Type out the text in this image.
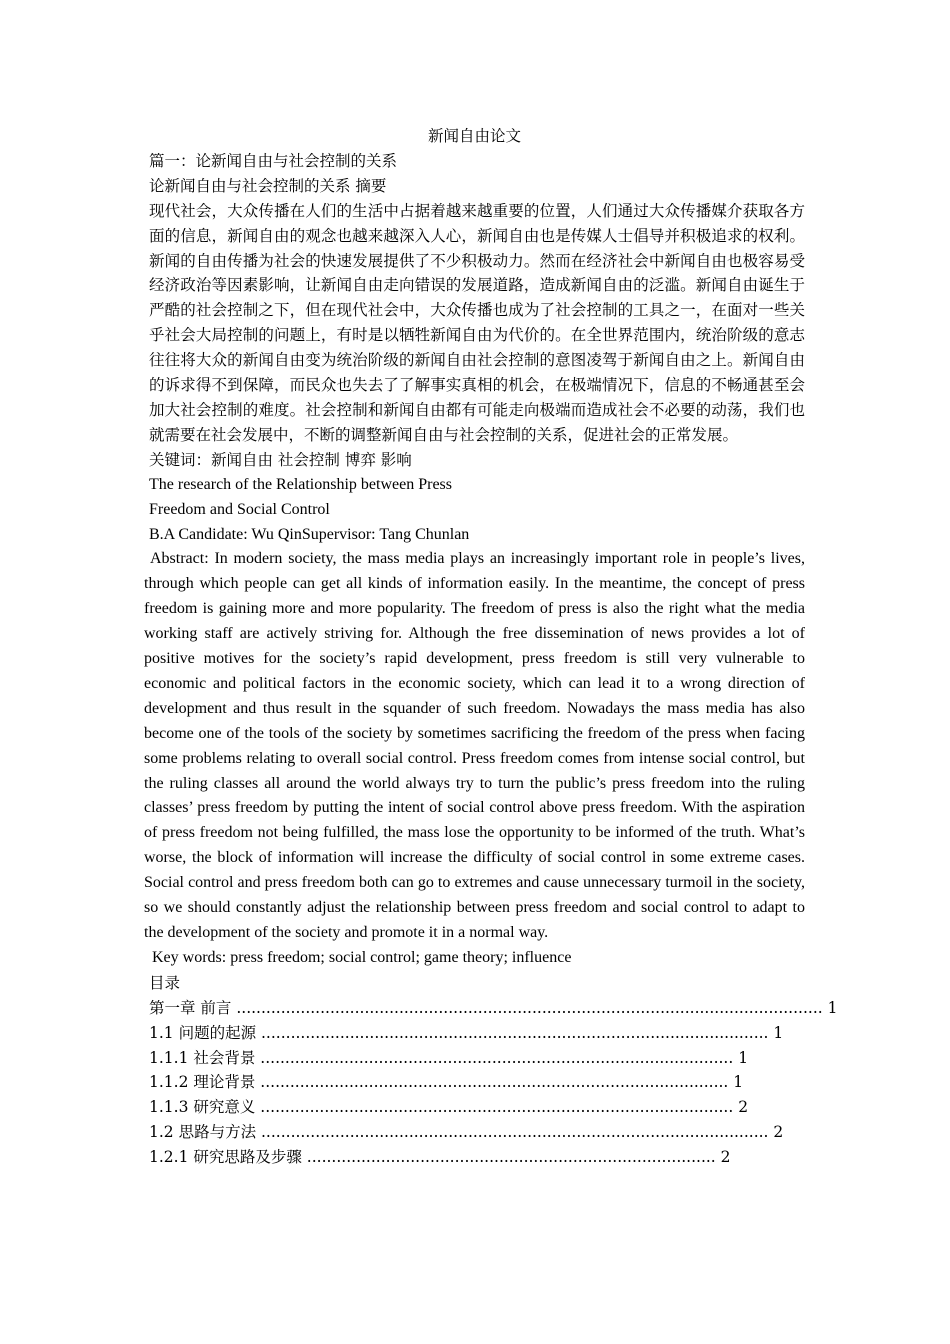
新闻自由论文

篇一：论新闻自由与社会控制的关系

论新闻自由与社会控制的关系 摘要

现代社会，大众传播在人们的生活中占据着越来越重要的位置，人们通过大众传播媒介获取各方面的信息，新闻自由的观念也越来越深入人心，新闻自由也是传媒人士倡导并积极追求的权利。新闻的自由传播为社会的快速发展提供了不少积极动力。然而在经济社会中新闻自由也极容易受经济政治等因素影响，让新闻自由走向错误的发展道路，造成新闻自由的泛滥。新闻自由诞生于严酷的社会控制之下，但在现代社会中，大众传播也成为了社会控制的工具之一，在面对一些关乎社会大局控制的问题上，有时是以牺牲新闻自由为代价的。在全世界范围内，统治阶级的意志往往将大众的新闻自由变为统治阶级的新闻自由社会控制的意图凌驾于新闻自由之上。新闻自由的诉求得不到保障，而民众也失去了了解事实真相的机会，在极端情况下，信息的不畅通甚至会加大社会控制的难度。社会控制和新闻自由都有可能走向极端而造成社会不必要的动荡，我们也就需要在社会发展中，不断的调整新闻自由与社会控制的关系，促进社会的正常发展。

关键词：新闻自由 社会控制 博弈 影响

The research of the Relationship between Press

Freedom and Social Control

B.A Candidate: Wu QinSupervisor: Tang Chunlan

Abstract: In modern society, the mass media plays an increasingly important role in people’s lives, through which people can get all kinds of information easily. In the meantime, the concept of press freedom is gaining more and more popularity. The freedom of press is also the right what the media working staff are actively striving for. Although the free dissemination of news provides a lot of positive motives for the society’s rapid development, press freedom is still very vulnerable to economic and political factors in the economic society, which can lead it to a wrong direction of development and thus result in the squander of such freedom. Nowadays the mass media has also become one of the tools of the society by sometimes sacrificing the freedom of the press when facing some problems relating to overall social control. Press freedom comes from intense social control, but the ruling classes all around the world always try to turn the public’s press freedom into the ruling classes’ press freedom by putting the intent of social control above press freedom. With the aspiration of press freedom not being fulfilled, the mass lose the opportunity to be informed of the truth. What’s worse, the block of information will increase the difficulty of social control in some extreme cases. Social control and press freedom both can go to extremes and cause unnecessary turmoil in the society, so we should constantly adjust the relationship between press freedom and social control to adapt to the development of the society and promote it in a normal way.

Key words: press freedom; social control; game theory; influence

目录

第一章 前言 ....................................................................................................................... 1

1.1 问题的起源 ....................................................................................................... 1

1.1.1 社会背景 ................................................................................................ 1

1.1.2 理论背景 ............................................................................................... 1

1.1.3 研究意义 ................................................................................................ 2

1.2 思路与方法 ....................................................................................................... 2

1.2.1 研究思路及步骤 ................................................................................... 2
